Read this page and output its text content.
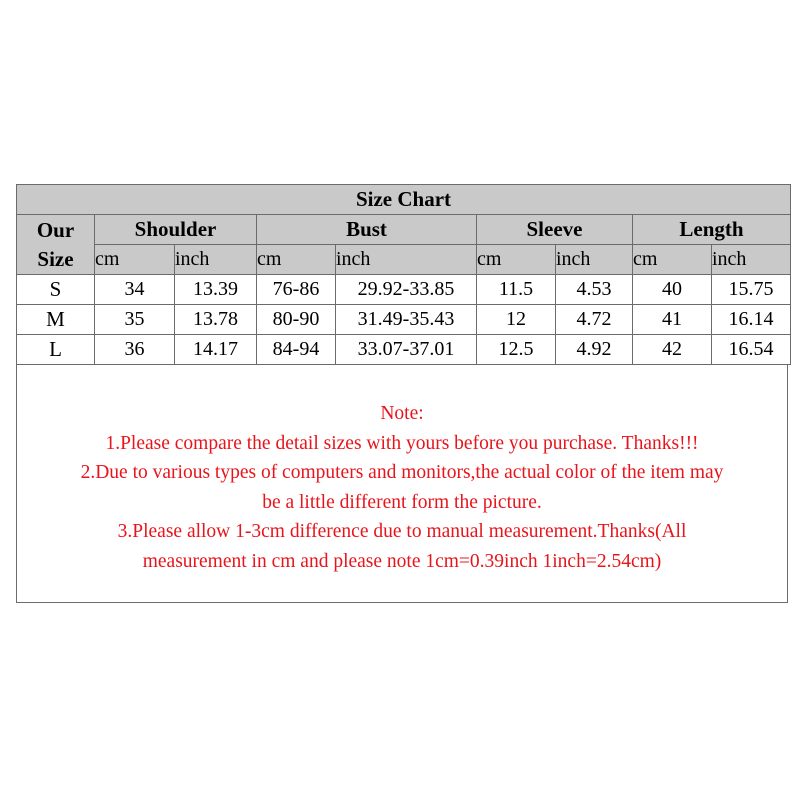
Size Chart								

Our
Size	Shoulder		Bust		Sleeve		Length	
	cm	inch	cm	inch	cm	inch	cm	inch
S	34	13.39	76-86	29.92-33.85	11.5	4.53	40	15.75
M	35	13.78	80-90	31.49-35.43	12	4.72	41	16.14
L	36	14.17	84-94	33.07-37.01	12.5	4.92	42	16.54
Note:
1.Please compare the detail sizes with yours before you purchase. Thanks!!!
2.Due to various types of computers and monitors,the actual color of the item may
be a little different form the picture.
3.Please allow 1-3cm difference due to manual measurement.Thanks(All
measurement in cm and please note 1cm=0.39inch 1inch=2.54cm)
